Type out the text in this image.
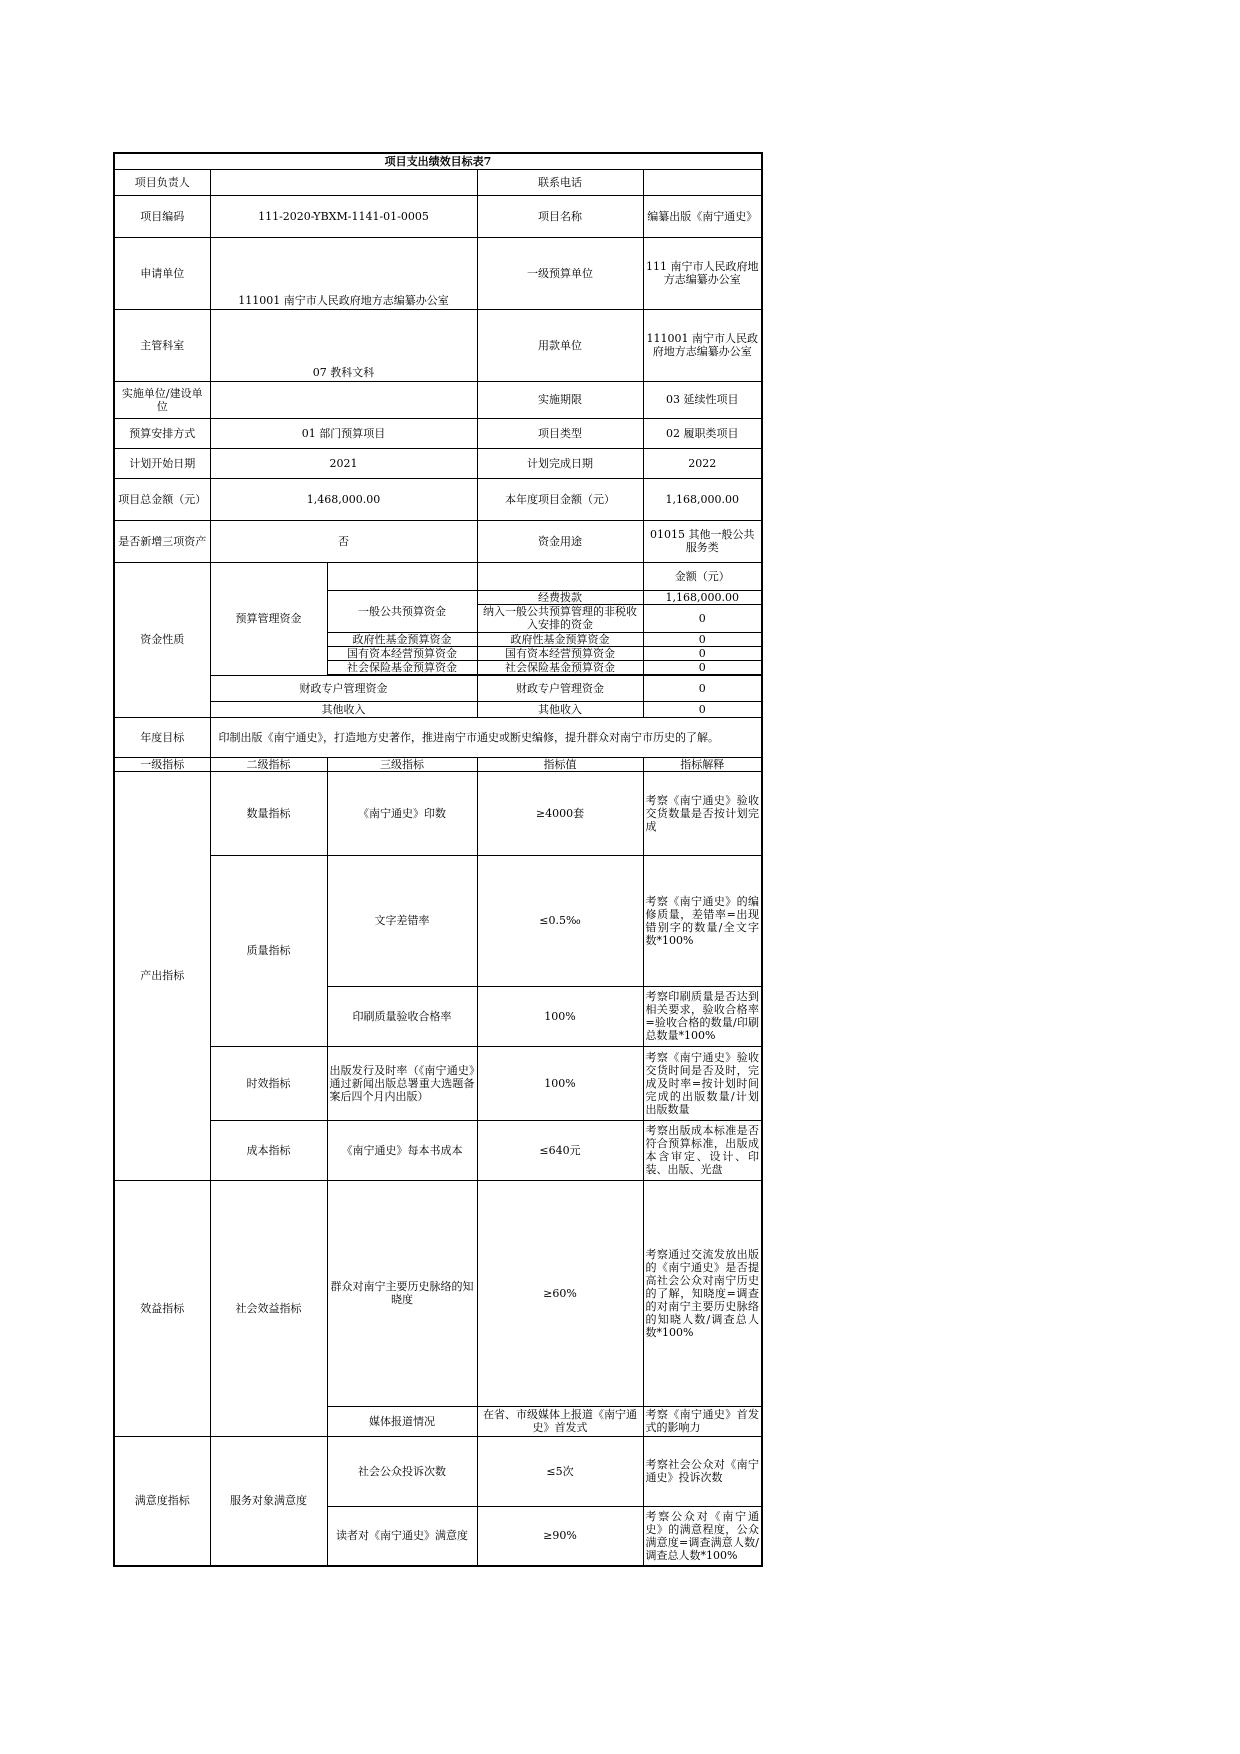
项目支出绩效目标表7				
项目负责人			联系电话	
项目编码	111-2020-YBXM-1141-01-0005		项目名称	编纂出版《南宁通史》
申请单位	111001 南宁市人民政府地方志编纂办公室		一级预算单位	111 南宁市人民政府地方志编纂办公室
主管科室	07 教科文科		用款单位	111001 南宁市人民政府地方志编纂办公室
实施单位/建设单位			实施期限	03 延续性项目
预算安排方式	01 部门预算项目		项目类型	02 履职类项目
计划开始日期	2021		计划完成日期	2022
项目总金额（元）	1,468,000.00		本年度项目金额（元）	1,168,000.00
是否新增三项资产	否		资金用途	01015 其他一般公共服务类
资金性质	预算管理资金			金额（元）
		一般公共预算资金	经费拨款	1,168,000.00
			纳入一般公共预算管理的非税收入安排的资金	0
		政府性基金预算资金	政府性基金预算资金	0
		国有资本经营预算资金	国有资本经营预算资金	0
		社会保险基金预算资金	社会保险基金预算资金	0

	财政专户管理资金		财政专户管理资金	0
	其他收入		其他收入	0
年度目标	印制出版《南宁通史》，打造地方史著作，推进南宁市通史或断史编修，提升群众对南宁市历史的了解。			
一级指标	二级指标	三级指标	指标值	指标解释
产出指标	数量指标	《南宁通史》印数	≥4000套	考察《南宁通史》验收交货数量是否按计划完成
	质量指标	文字差错率	≤0.5‰	考察《南宁通史》的编修质量，差错率=出现错别字的数量/全文字数*100%
		印刷质量验收合格率	100%	考察印刷质量是否达到相关要求，验收合格率=验收合格的数量/印刷总数量*100%
	时效指标	出版发行及时率（《南宁通史》通过新闻出版总署重大选题备案后四个月内出版）	100%	考察《南宁通史》验收交货时间是否及时，完成及时率=按计划时间完成的出版数量/计划出版数量
	成本指标	《南宁通史》每本书成本	≤640元	考察出版成本标准是否符合预算标准，出版成本含审定、设计、印装、出版、光盘
效益指标	社会效益指标	群众对南宁主要历史脉络的知晓度	≥60%	考察通过交流发放出版的《南宁通史》是否提高社会公众对南宁历史的了解，知晓度=调查的对南宁主要历史脉络的知晓人数/调查总人数*100%
		媒体报道情况	在省、市级媒体上报道《南宁通史》首发式	考察《南宁通史》首发式的影响力
满意度指标	服务对象满意度	社会公众投诉次数	≤5次	考察社会公众对《南宁通史》投诉次数
		读者对《南宁通史》满意度	≥90%	考察公众对《南宁通史》的满意程度，公众满意度=调查满意人数/调查总人数*100%
